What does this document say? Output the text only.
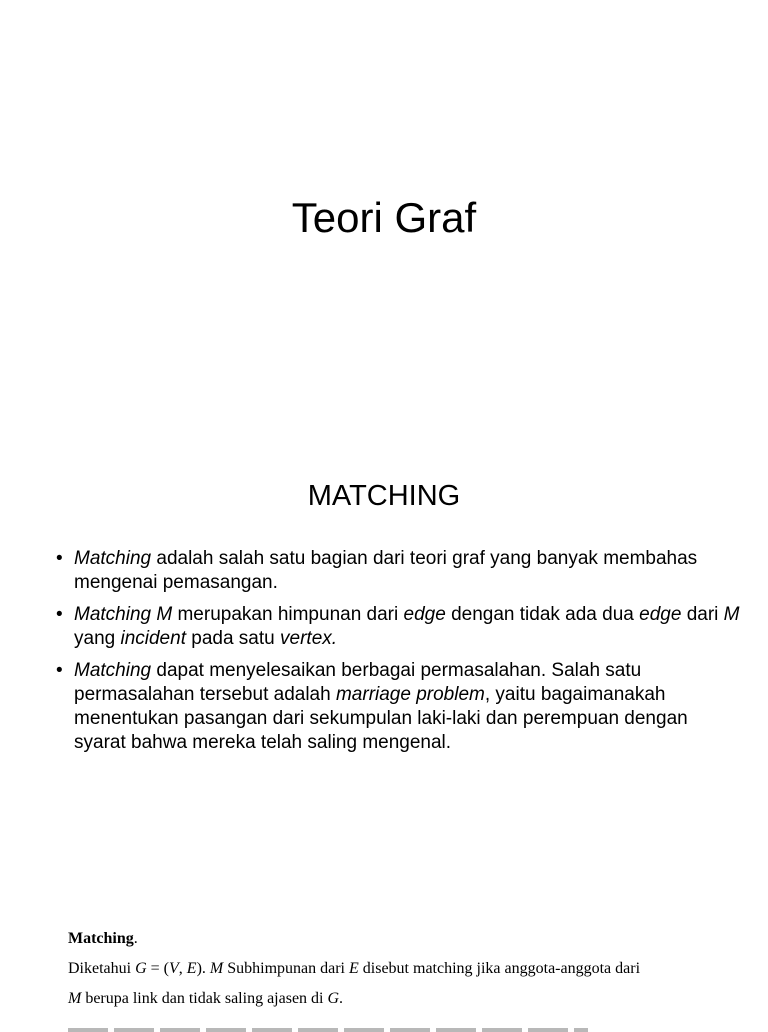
Teori Graf
MATCHING
• Matching adalah salah satu bagian dari teori graf yang banyak membahas mengenai pemasangan.
• Matching M merupakan himpunan dari edge dengan tidak ada dua edge dari M yang incident pada satu vertex.
• Matching dapat menyelesaikan berbagai permasalahan. Salah satu permasalahan tersebut adalah marriage problem, yaitu bagaimanakah menentukan pasangan dari sekumpulan laki-laki dan perempuan dengan syarat bahwa mereka telah saling mengenal.
Matching.
Diketahui G = (V, E). M Subhimpunan dari E disebut matching jika anggota-anggota dari
M berupa link dan tidak saling ajasen di G.
